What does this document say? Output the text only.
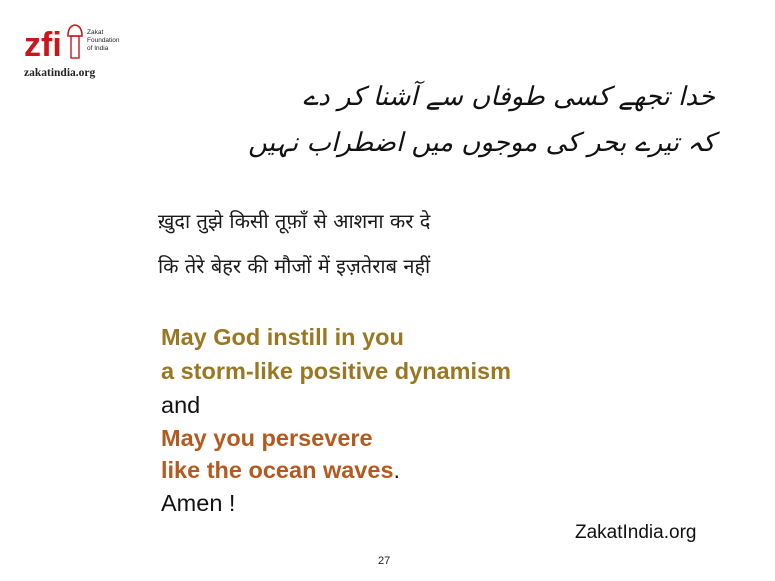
zfi	Zakat
Foundation
of India
zakatindia.org
خدا تجھے کسی طوفاں سے آشنا کر دے
کہ تیرے بحر کی موجوں میں اضطراب نہیں
ख़ुदा तुझे किसी तूफ़ाँ से आशना कर दे
कि तेरे बेहर की मौजों में इज़तेराब नहीं
May God instill in you
a storm-like positive dynamism
and
May you persevere
like the ocean waves.
Amen !
ZakatIndia.org
27
